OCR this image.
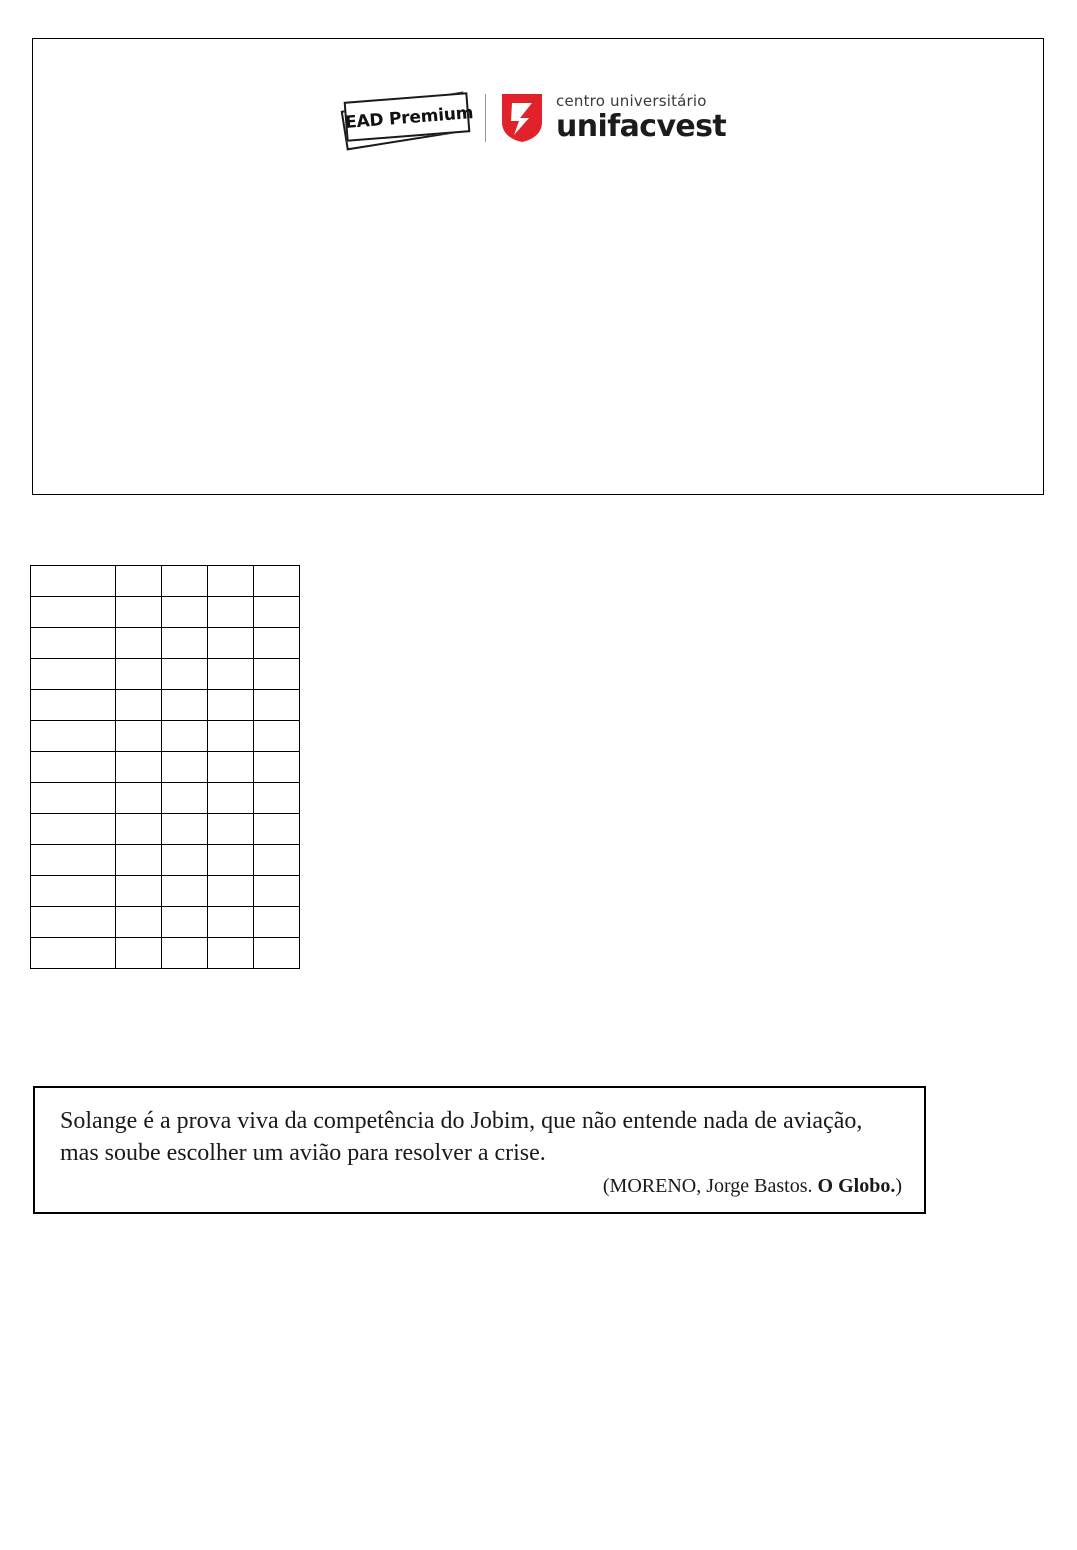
EAD Premium
centro universitário
unifacvest

Solange é a prova viva da competência do Jobim, que não entende nada de aviação, mas soube escolher um avião para resolver a crise.

(MORENO, Jorge Bastos. O Globo.)
